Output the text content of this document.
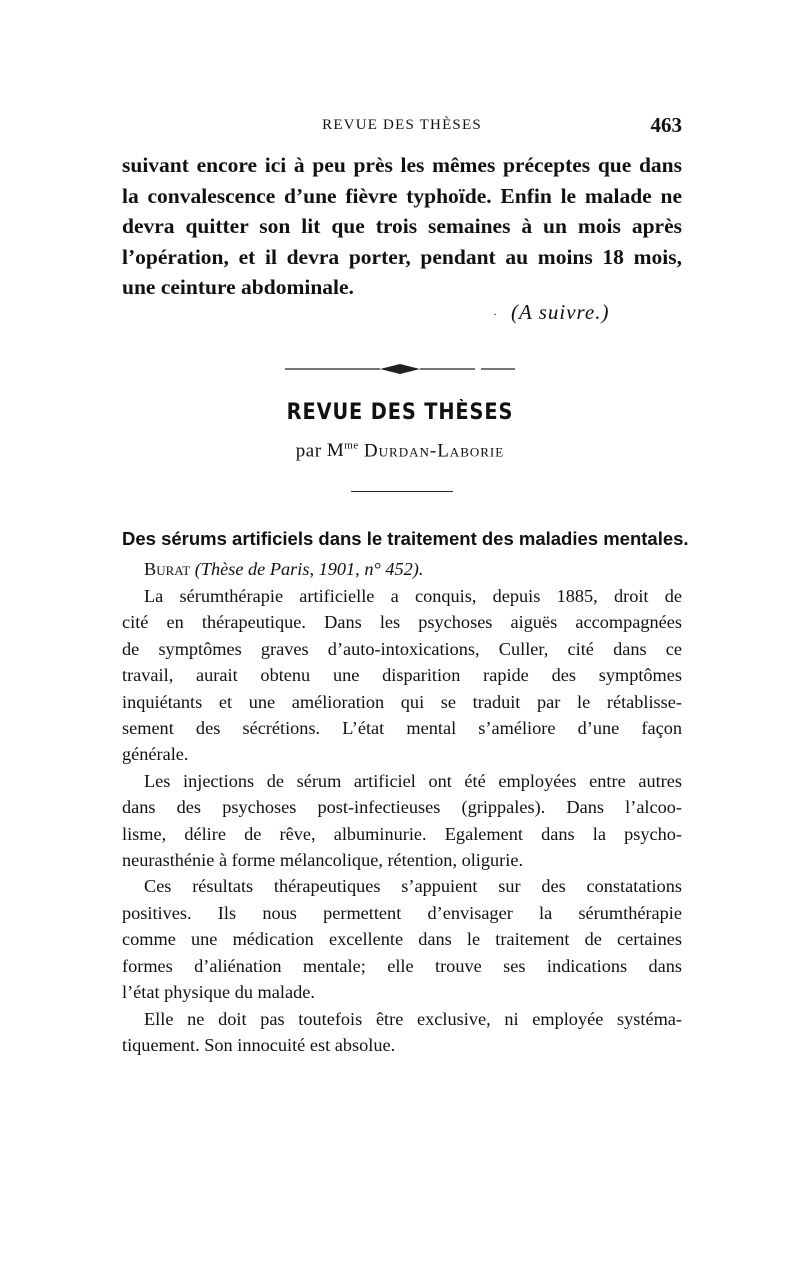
REVUE DES THÈSES	463
suivant encore ici à peu près les mêmes préceptes que dans
la convalescence d’une fièvre typhoïde. Enfin le malade ne
devra quitter son lit que trois semaines à un mois après
l’opération, et il devra porter, pendant au moins 18 mois,
une ceinture abdominale.
· (A suivre.)
REVUE DES THÈSES
par $M^{me}$ Durdan-Laborie
Des sérums artificiels dans le traitement des maladies mentales.
Burat (Thèse de Paris, 1901, n° 452).
La sérumthérapie artificielle a conquis, depuis 1885, droit de
cité en thérapeutique. Dans les psychoses aiguës accompagnées
de symptômes graves d’auto-intoxications, Culler, cité dans ce
travail, aurait obtenu une disparition rapide des symptômes
inquiétants et une amélioration qui se traduit par le rétablisse-
sement des sécrétions. L’état mental s’améliore d’une façon
générale.
Les injections de sérum artificiel ont été employées entre autres
dans des psychoses post-infectieuses (grippales). Dans l’alcoo-
lisme, délire de rêve, albuminurie. Egalement dans la psycho-
neurasthénie à forme mélancolique, rétention, oligurie.
Ces résultats thérapeutiques s’appuient sur des constatations
positives. Ils nous permettent d’envisager la sérumthérapie
comme une médication excellente dans le traitement de certaines
formes d’aliénation mentale; elle trouve ses indications dans
l’état physique du malade.
Elle ne doit pas toutefois être exclusive, ni employée systéma-
tiquement. Son innocuité est absolue.
